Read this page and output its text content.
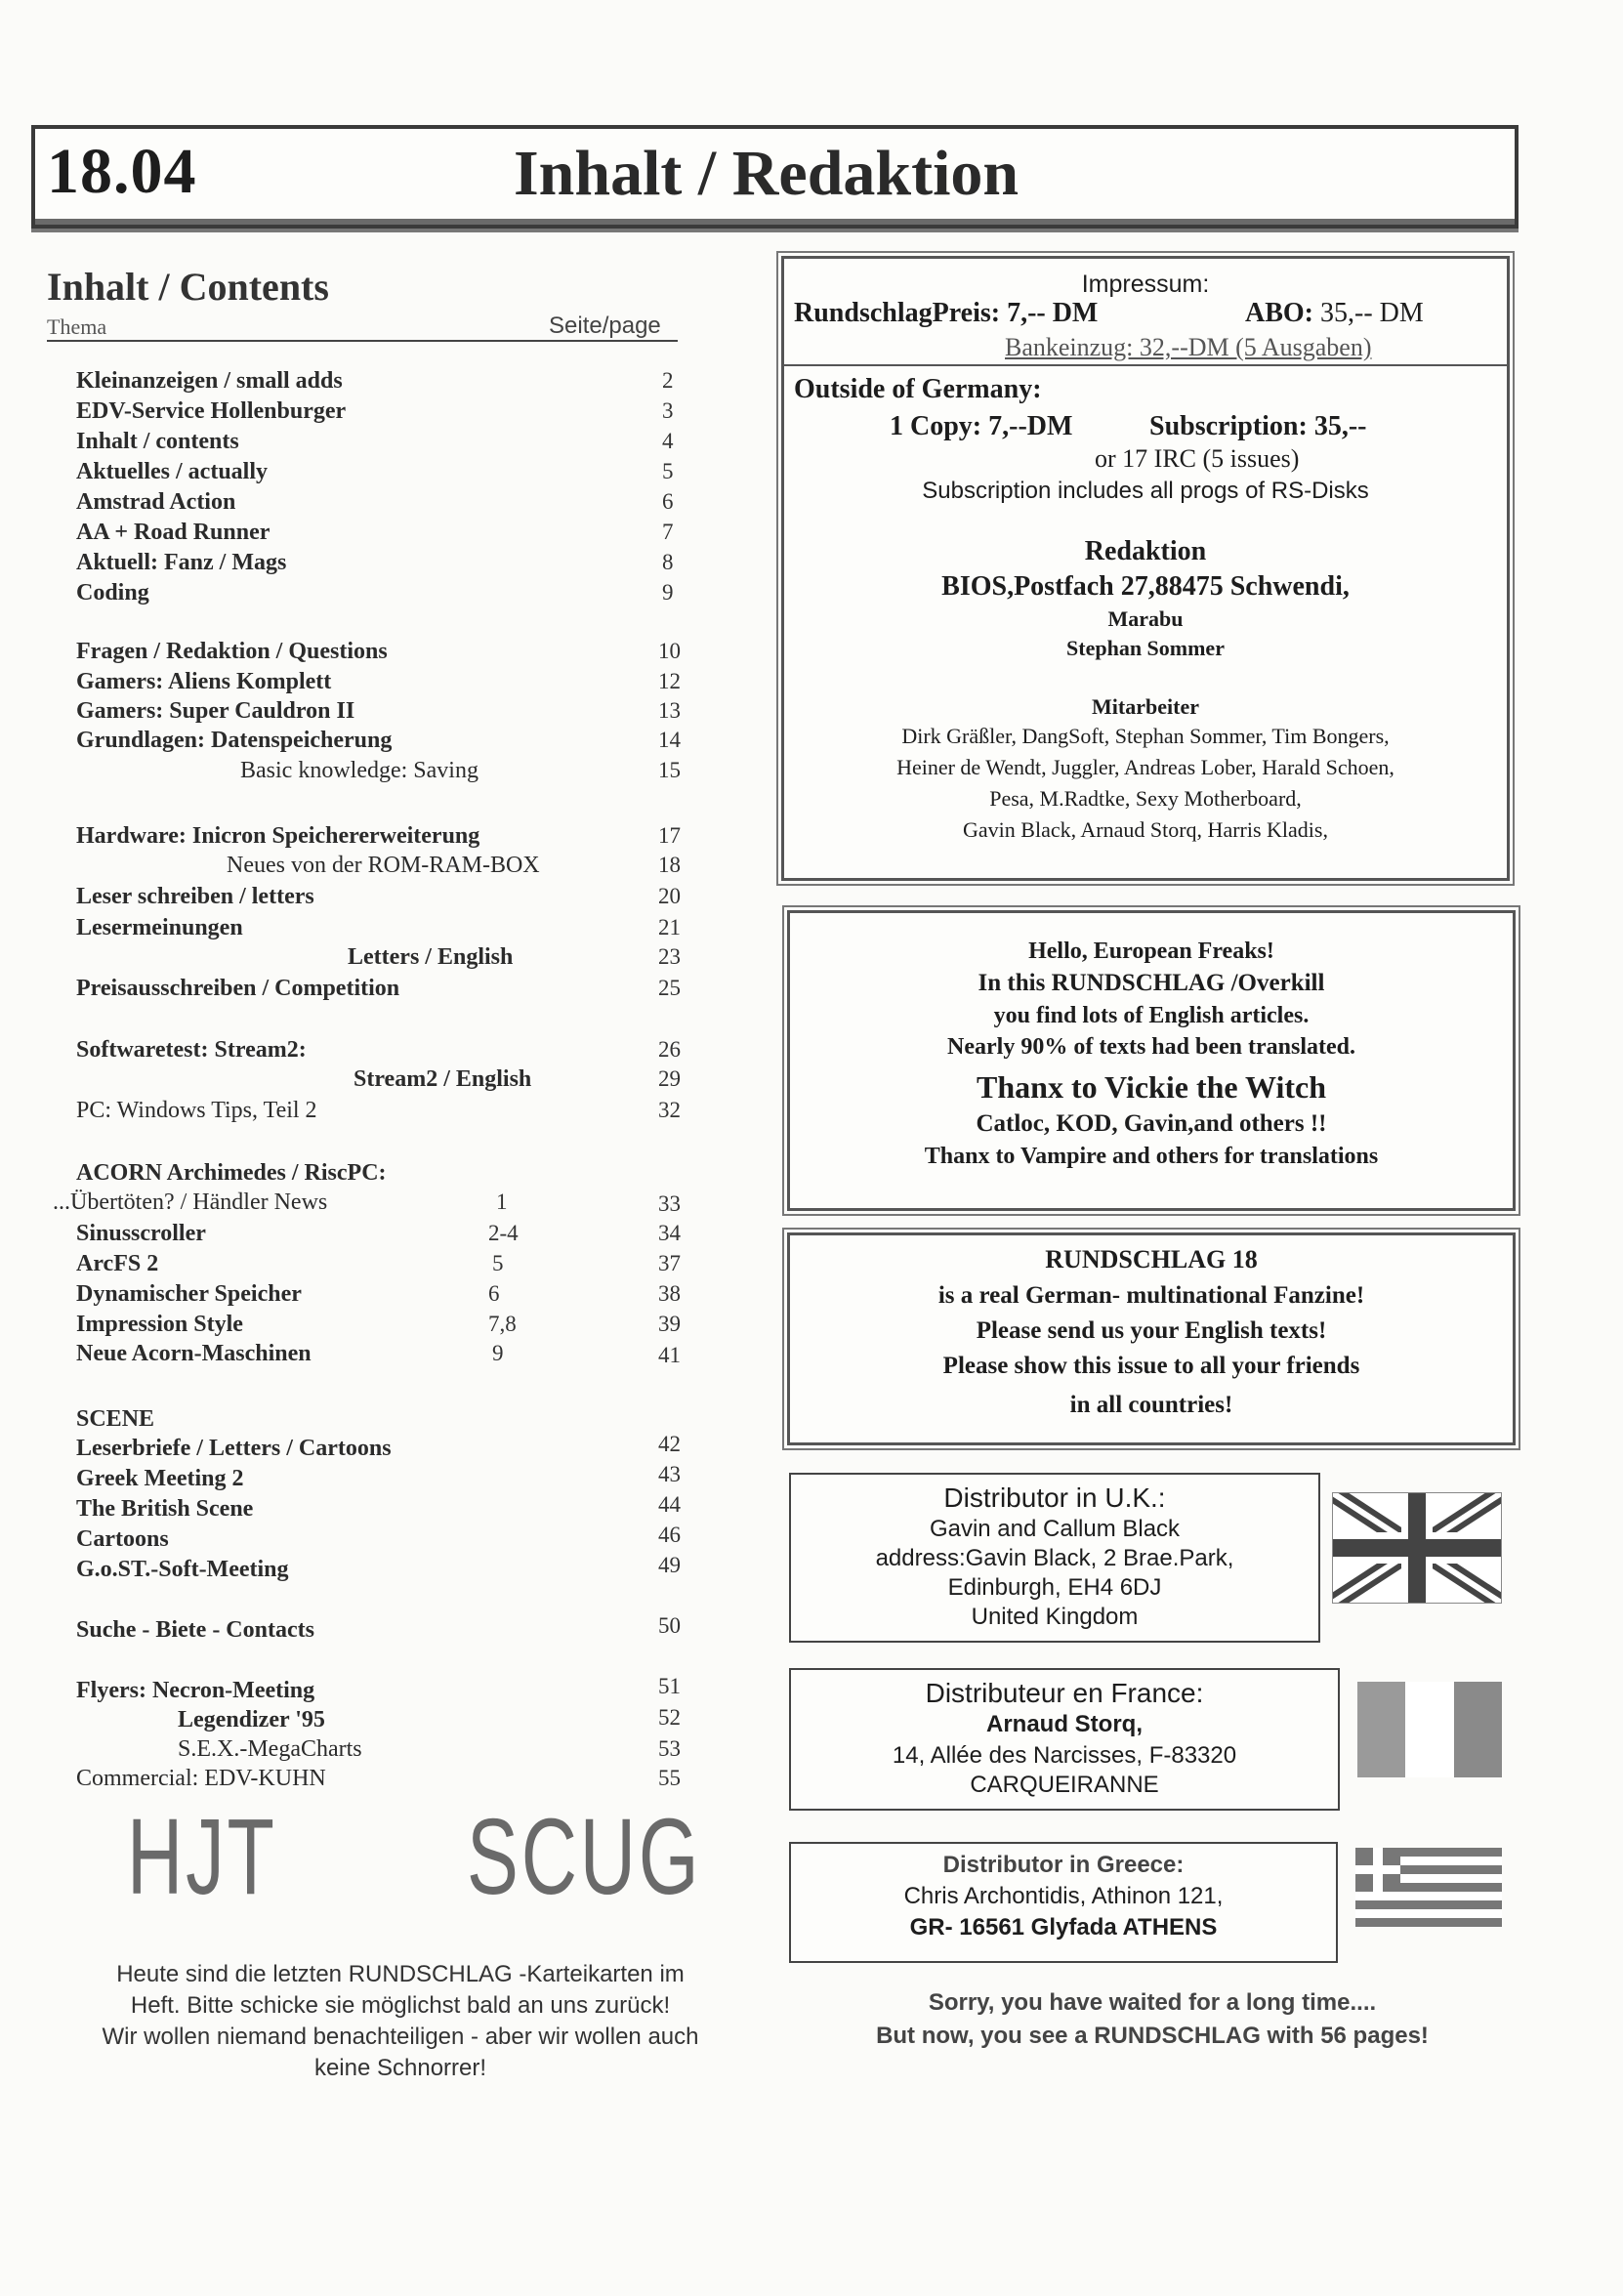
18.04	Inhalt / Redaktion
Inhalt / Contents
Thema	Seite/page
Kleinanzeigen / small adds	2
EDV-Service Hollenburger	3
Inhalt / contents	4
Aktuelles / actually	5
Amstrad Action	6
AA + Road Runner	7
Aktuell: Fanz / Mags	8
Coding	9
Fragen / Redaktion / Questions	10
Gamers: Aliens Komplett	12
Gamers: Super Cauldron II	13
Grundlagen: Datenspeicherung	14
Basic knowledge: Saving	15
Hardware: Inicron Speichererweiterung	17
Neues von der ROM-RAM-BOX	18
Leser schreiben / letters	20
Lesermeinungen	21
Letters / English	23
Preisausschreiben / Competition	25
Softwaretest: Stream2:	26
Stream2 / English	29
PC: Windows Tips, Teil 2	32
ACORN Archimedes / RiscPC:
...Übertöten? / Händler News	1	33
Sinusscroller	2-4	34
ArcFS 2	5	37
Dynamischer Speicher	6	38
Impression Style	7,8	39
Neue Acorn-Maschinen	9	41
SCENE
Leserbriefe / Letters / Cartoons	42
Greek Meeting 2	43
The British Scene	44
Cartoons	46
G.o.ST.-Soft-Meeting	49
Suche - Biete - Contacts	50
Flyers: Necron-Meeting	51
Legendizer '95	52
S.E.X.-MegaCharts	53
Commercial: EDV-KUHN	55
HJT SCUG
Heute sind die letzten RUNDSCHLAG -Karteikarten im
Heft. Bitte schicke sie möglichst bald an uns zurück!
Wir wollen niemand benachteiligen - aber wir wollen auch
keine Schnorrer!
Impressum:
RundschlagPreis: 7,-- DM	ABO: 35,-- DM
Bankeinzug: 32,--DM (5 Ausgaben)
Outside of Germany:
1 Copy: 7,--DM	Subscription: 35,--
or 17 IRC (5 issues)
Subscription includes all progs of RS-Disks
Redaktion
BIOS,Postfach 27,88475 Schwendi,
Marabu
Stephan Sommer
Mitarbeiter
Dirk Gräßler, DangSoft, Stephan Sommer, Tim Bongers,
Heiner de Wendt, Juggler, Andreas Lober, Harald Schoen,
Pesa, M.Radtke, Sexy Motherboard,
Gavin Black, Arnaud Storq, Harris Kladis,
Hello, European Freaks!
In this RUNDSCHLAG /Overkill
you find lots of English articles.
Nearly 90% of texts had been translated.
Thanx to Vickie the Witch
Catloc, KOD, Gavin,and others !!
Thanx to Vampire and others for translations
RUNDSCHLAG 18
is a real German- multinational Fanzine!
Please send us your English texts!
Please show this issue to all your friends
in all countries!
Distributor in U.K.:
Gavin and Callum Black
address:Gavin Black, 2 Brae.Park,
Edinburgh, EH4 6DJ
United Kingdom
Distributeur en France:
Arnaud Storq,
14, Allée des Narcisses, F-83320
CARQUEIRANNE
Distributor in Greece:
Chris Archontidis, Athinon 121,
GR- 16561 Glyfada ATHENS
Sorry, you have waited for a long time....
But now, you see a RUNDSCHLAG with 56 pages!
